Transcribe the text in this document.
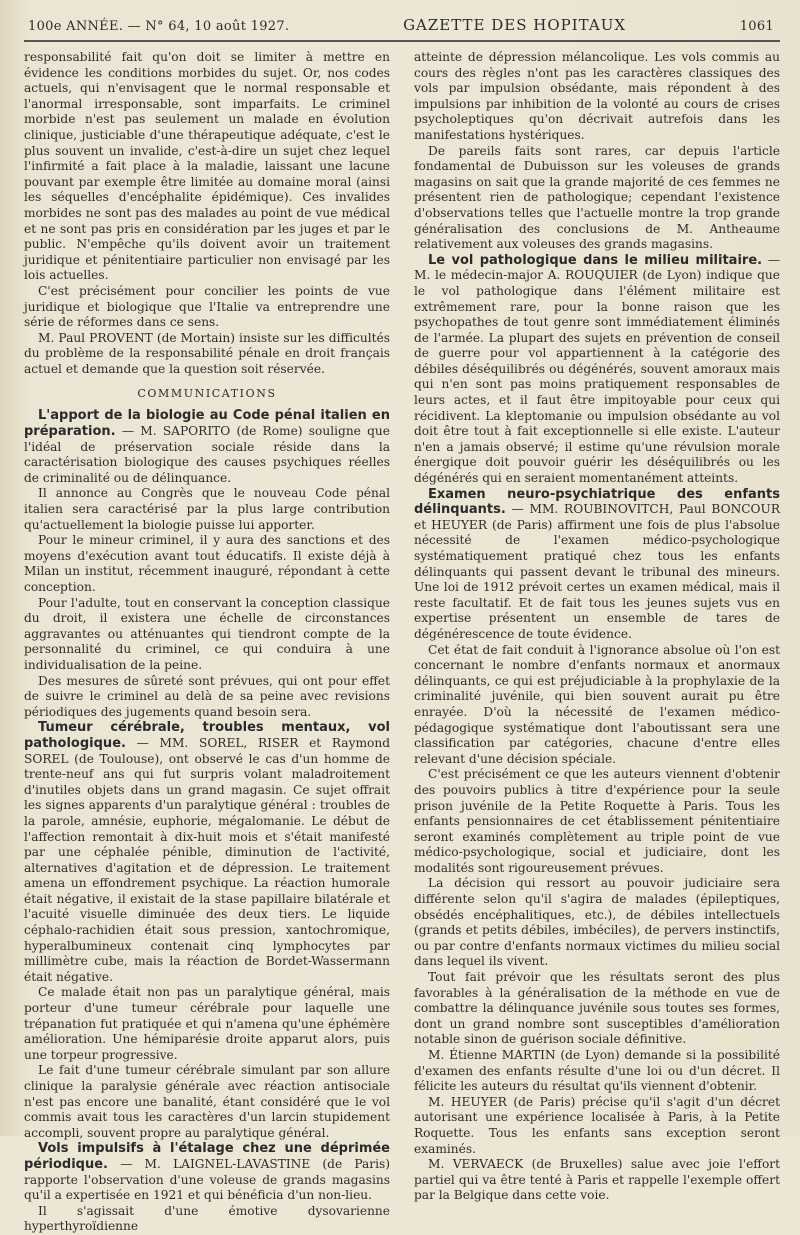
100e ANNÉE. — N° 64, 10 août 1927.	GAZETTE DES HOPITAUX	1061

responsabilité fait qu'on doit se limiter à mettre en évidence les conditions morbides du sujet. Or, nos codes actuels, qui n'envisagent que le normal responsable et l'anormal irresponsable, sont imparfaits. Le criminel morbide n'est pas seulement un malade en évolution clinique, justiciable d'une thérapeutique adéquate, c'est le plus souvent un invalide, c'est-à-dire un sujet chez lequel l'infirmité a fait place à la maladie, laissant une lacune pouvant par exemple être limitée au domaine moral (ainsi les séquelles d'encéphalite épidémique). Ces invalides morbides ne sont pas des malades au point de vue médical et ne sont pas pris en considération par les juges et par le public. N'empêche qu'ils doivent avoir un traitement juridique et pénitentiaire particulier non envisagé par les lois actuelles.

C'est précisément pour concilier les points de vue juridique et biologique que l'Italie va entreprendre une série de réformes dans ce sens.

M. Paul PROVENT (de Mortain) insiste sur les difficultés du problème de la responsabilité pénale en droit français actuel et demande que la question soit réservée.

COMMUNICATIONS

L'apport de la biologie au Code pénal italien en préparation. — M. SAPORITO (de Rome) souligne que l'idéal de préservation sociale réside dans la caractérisation biologique des causes psychiques réelles de criminalité ou de délinquance.

Il annonce au Congrès que le nouveau Code pénal italien sera caractérisé par la plus large contribution qu'actuellement la biologie puisse lui apporter.

Pour le mineur criminel, il y aura des sanctions et des moyens d'exécution avant tout éducatifs. Il existe déjà à Milan un institut, récemment inauguré, répondant à cette conception.

Pour l'adulte, tout en conservant la conception classique du droit, il existera une échelle de circonstances aggravantes ou atténuantes qui tiendront compte de la personnalité du criminel, ce qui conduira à une individualisation de la peine.

Des mesures de sûreté sont prévues, qui ont pour effet de suivre le criminel au delà de sa peine avec revisions périodiques des jugements quand besoin sera.

Tumeur cérébrale, troubles mentaux, vol pathologique. — MM. SOREL, RISER et Raymond SOREL (de Toulouse), ont observé le cas d'un homme de trente-neuf ans qui fut surpris volant maladroitement d'inutiles objets dans un grand magasin. Ce sujet offrait les signes apparents d'un paralytique général : troubles de la parole, amnésie, euphorie, mégalomanie. Le début de l'affection remontait à dix-huit mois et s'était manifesté par une céphalée pénible, diminution de l'activité, alternatives d'agitation et de dépression. Le traitement amena un effondrement psychique. La réaction humorale était négative, il existait de la stase papillaire bilatérale et l'acuité visuelle diminuée des deux tiers. Le liquide céphalo-rachidien était sous pression, xantochromique, hyperalbumineux contenait cinq lymphocytes par millimètre cube, mais la réaction de Bordet-Wassermann était négative.

Ce malade était non pas un paralytique général, mais porteur d'une tumeur cérébrale pour laquelle une trépanation fut pratiquée et qui n'amena qu'une éphémère amélioration. Une hémiparésie droite apparut alors, puis une torpeur progressive.

Le fait d'une tumeur cérébrale simulant par son allure clinique la paralysie générale avec réaction antisociale n'est pas encore une banalité, étant considéré que le vol commis avait tous les caractères d'un larcin stupidement accompli, souvent propre au paralytique général.

Vols impulsifs à l'étalage chez une déprimée périodique. — M. LAIGNEL-LAVASTINE (de Paris) rapporte l'observation d'une voleuse de grands magasins qu'il a expertisée en 1921 et qui bénéficia d'un non-lieu.

Il s'agissait d'une émotive dysovarienne hyperthyroïdienne

atteinte de dépression mélancolique. Les vols commis au cours des règles n'ont pas les caractères classiques des vols par impulsion obsédante, mais répondent à des impulsions par inhibition de la volonté au cours de crises psycholeptiques qu'on décrivait autrefois dans les manifestations hystériques.

De pareils faits sont rares, car depuis l'article fondamental de Dubuisson sur les voleuses de grands magasins on sait que la grande majorité de ces femmes ne présentent rien de pathologique; cependant l'existence d'observations telles que l'actuelle montre la trop grande généralisation des conclusions de M. Antheaume relativement aux voleuses des grands magasins.

Le vol pathologique dans le milieu militaire. — M. le médecin-major A. ROUQUIER (de Lyon) indique que le vol pathologique dans l'élément militaire est extrêmement rare, pour la bonne raison que les psychopathes de tout genre sont immédiatement éliminés de l'armée. La plupart des sujets en prévention de conseil de guerre pour vol appartiennent à la catégorie des débiles déséquilibrés ou dégénérés, souvent amoraux mais qui n'en sont pas moins pratiquement responsables de leurs actes, et il faut être impitoyable pour ceux qui récidivent. La kleptomanie ou impulsion obsédante au vol doit être tout à fait exceptionnelle si elle existe. L'auteur n'en a jamais observé; il estime qu'une révulsion morale énergique doit pouvoir guérir les déséquilibrés ou les dégénérés qui en seraient momentanément atteints.

Examen neuro-psychiatrique des enfants délinquants. — MM. ROUBINOVITCH, Paul BONCOUR et HEUYER (de Paris) affirment une fois de plus l'absolue nécessité de l'examen médico-psychologique systématiquement pratiqué chez tous les enfants délinquants qui passent devant le tribunal des mineurs. Une loi de 1912 prévoit certes un examen médical, mais il reste facultatif. Et de fait tous les jeunes sujets vus en expertise présentent un ensemble de tares de dégénérescence de toute évidence.

Cet état de fait conduit à l'ignorance absolue où l'on est concernant le nombre d'enfants normaux et anormaux délinquants, ce qui est préjudiciable à la prophylaxie de la criminalité juvénile, qui bien souvent aurait pu être enrayée. D'où la nécessité de l'examen médico-pédagogique systématique dont l'aboutissant sera une classification par catégories, chacune d'entre elles relevant d'une décision spéciale.

C'est précisément ce que les auteurs viennent d'obtenir des pouvoirs publics à titre d'expérience pour la seule prison juvénile de la Petite Roquette à Paris. Tous les enfants pensionnaires de cet établissement pénitentiaire seront examinés complètement au triple point de vue médico-psychologique, social et judiciaire, dont les modalités sont rigoureusement prévues.

La décision qui ressort au pouvoir judiciaire sera différente selon qu'il s'agira de malades (épileptiques, obsédés encéphalitiques, etc.), de débiles intellectuels (grands et petits débiles, imbéciles), de pervers instinctifs, ou par contre d'enfants normaux victimes du milieu social dans lequel ils vivent.

Tout fait prévoir que les résultats seront des plus favorables à la généralisation de la méthode en vue de combattre la délinquance juvénile sous toutes ses formes, dont un grand nombre sont susceptibles d'amélioration notable sinon de guérison sociale définitive.

M. Étienne MARTIN (de Lyon) demande si la possibilité d'examen des enfants résulte d'une loi ou d'un décret. Il félicite les auteurs du résultat qu'ils viennent d'obtenir.

M. HEUYER (de Paris) précise qu'il s'agit d'un décret autorisant une expérience localisée à Paris, à la Petite Roquette. Tous les enfants sans exception seront examinés.

M. VERVAECK (de Bruxelles) salue avec joie l'effort partiel qui va être tenté à Paris et rappelle l'exemple offert par la Belgique dans cette voie.
